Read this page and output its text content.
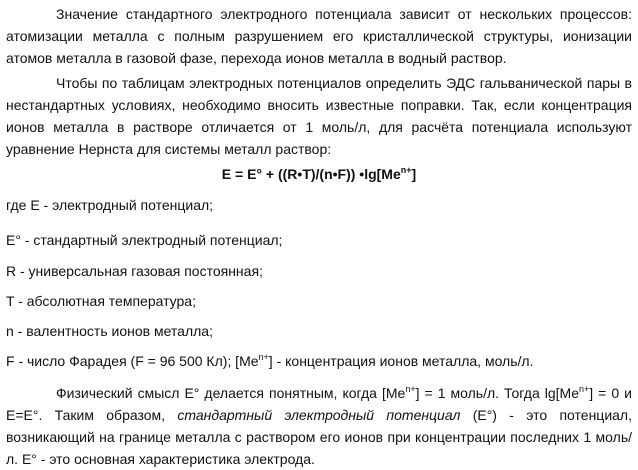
Значение стандартного электродного потенциала зависит от нескольких процессов: атомизации металла с полным разрушением его кристаллической структуры, ионизации атомов металла в газовой фазе, перехода ионов металла в водный раствор.

Чтобы по таблицам электродных потенциалов определить ЭДС гальванической пары в нестандартных условиях, необходимо вносить известные поправки. Так, если концентрация ионов металла в растворе отличается от 1 моль/л, для расчёта потенциала используют уравнение Нернста для системы металл раствор:

E = E° + ((R•T)/(n•F)) $•\lg[Me^{n+}]$

где E - электродный потенциал;

E° - стандартный электродный потенциал;

R - универсальная газовая постоянная;

T - абсолютная температура;

n - валентность ионов металла;

F - число Фарадея (F = 96 500 Кл); $[Me^{n+}]$ - концентрация ионов металла, моль/л.

Физический смысл E° делается понятным, когда $[Me^{n+}] = 1$ моль/л. Тогда $\lg[Me^{n+}] = 0$ и E=E°. Таким образом, стандартный электродный потенциал (E°) - это потенциал, возникающий на границе металла с раствором его ионов при концентрации последних 1 моль/л. E° - это основная характеристика электрода.
